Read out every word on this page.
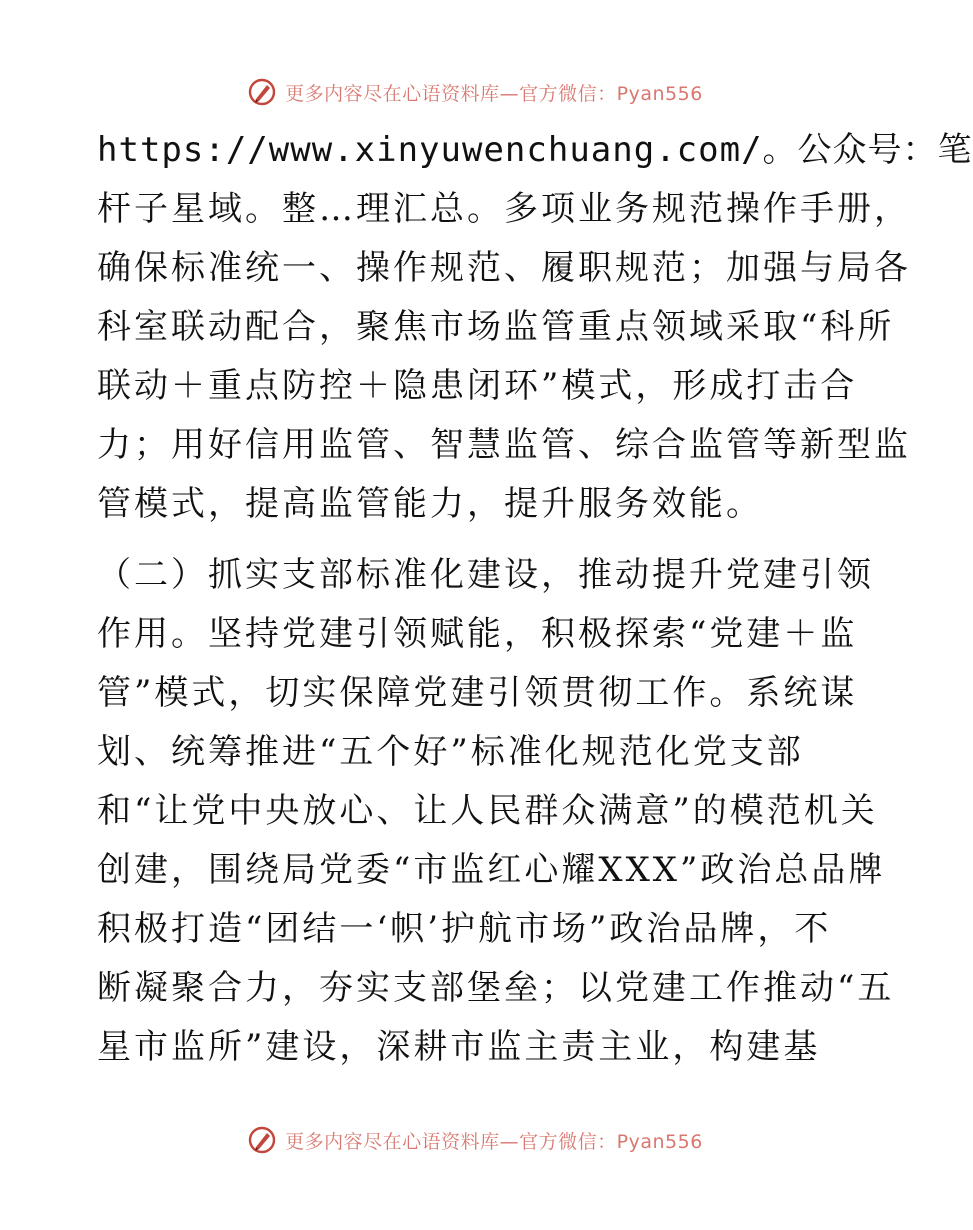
更多内容尽在心语资料库—官方微信：Pyan556
https://www.xinyuwenchuang.com/。公众号：笔
杆子星域。整…理汇总。多项业务规范操作手册，
确保标准统一、操作规范、履职规范；加强与局各
科室联动配合，聚焦市场监管重点领域采取“科所
联动＋重点防控＋隐患闭环”模式，形成打击合
力；用好信用监管、智慧监管、综合监管等新型监
管模式，提高监管能力，提升服务效能。
（二）抓实支部标准化建设，推动提升党建引领
作用。坚持党建引领赋能，积极探索“党建＋监
管”模式，切实保障党建引领贯彻工作。系统谋
划、统筹推进“五个好”标准化规范化党支部
和“让党中央放心、让人民群众满意”的模范机关
创建，围绕局党委“市监红心耀XXX”政治总品牌
积极打造“团结一‘帜’护航市场”政治品牌，不
断凝聚合力，夯实支部堡垒；以党建工作推动“五
星市监所”建设，深耕市监主责主业，构建基
更多内容尽在心语资料库—官方微信：Pyan556
